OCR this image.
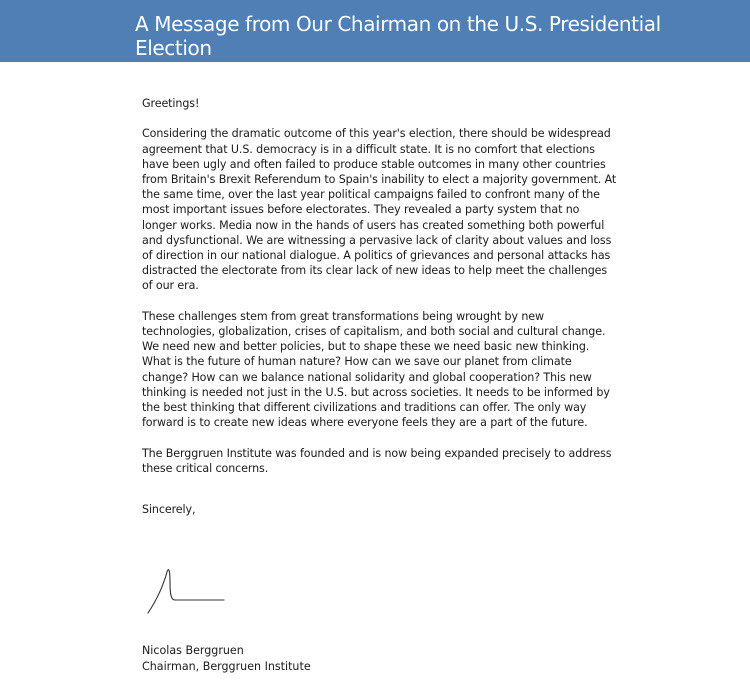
A Message from Our Chairman on the U.S. Presidential Election

Greetings!

Considering the dramatic outcome of this year's election, there should be widespread agreement that U.S. democracy is in a difficult state. It is no comfort that elections have been ugly and often failed to produce stable outcomes in many other countries from Britain's Brexit Referendum to Spain's inability to elect a majority government. At the same time, over the last year political campaigns failed to confront many of the most important issues before electorates. They revealed a party system that no longer works. Media now in the hands of users has created something both powerful and dysfunctional. We are witnessing a pervasive lack of clarity about values and loss of direction in our national dialogue. A politics of grievances and personal attacks has distracted the electorate from its clear lack of new ideas to help meet the challenges of our era.

These challenges stem from great transformations being wrought by new technologies, globalization, crises of capitalism, and both social and cultural change. We need new and better policies, but to shape these we need basic new thinking. What is the future of human nature? How can we save our planet from climate change? How can we balance national solidarity and global cooperation? This new thinking is needed not just in the U.S. but across societies. It needs to be informed by the best thinking that different civilizations and traditions can offer. The only way forward is to create new ideas where everyone feels they are a part of the future.

The Berggruen Institute was founded and is now being expanded precisely to address these critical concerns.

Sincerely,

Nicolas Berggruen
Chairman, Berggruen Institute
